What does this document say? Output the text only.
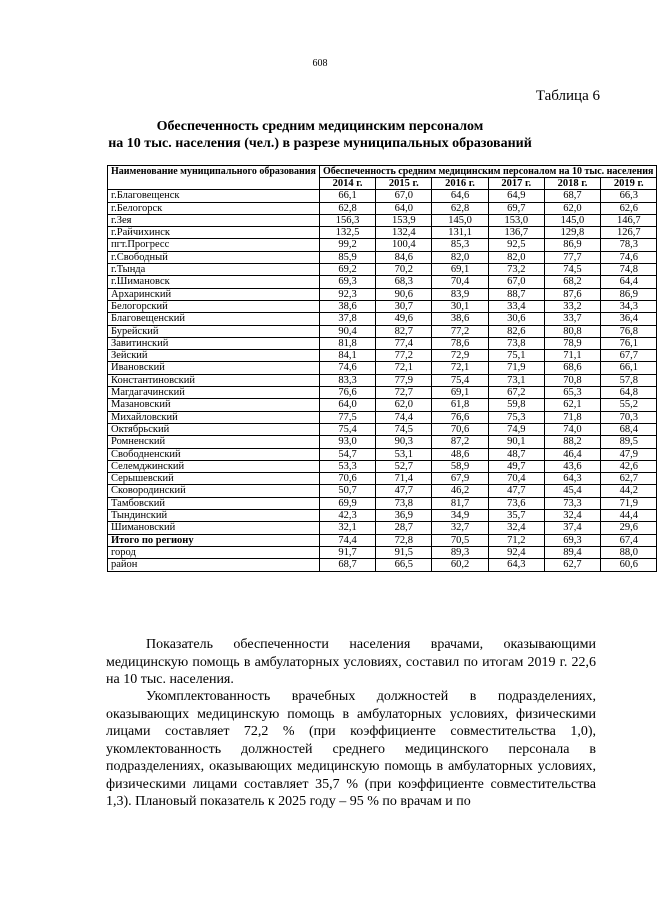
608
Таблица 6
Обеспеченность средним медицинским персоналом
на 10 тыс. населения (чел.) в разрезе муниципальных образований
Наименование муниципального образования	Обеспеченность средним медицинским персоналом на 10 тыс. населения					
	2014 г.	2015 г.	2016 г.	2017 г.	2018 г.	2019 г.
г.Благовещенск	66,1	67,0	64,6	64,9	68,7	66,3
г.Белогорск	62,8	64,0	62,8	69,7	62,0	62,6
г.Зея	156,3	153,9	145,0	153,0	145,0	146,7
г.Райчихинск	132,5	132,4	131,1	136,7	129,8	126,7
пгт.Прогресс	99,2	100,4	85,3	92,5	86,9	78,3
г.Свободный	85,9	84,6	82,0	82,0	77,7	74,6
г.Тында	69,2	70,2	69,1	73,2	74,5	74,8
г.Шимановск	69,3	68,3	70,4	67,0	68,2	64,4
Архаринский	92,3	90,6	83,9	88,7	87,6	86,9
Белогорский	38,6	30,7	30,1	33,4	33,2	34,3
Благовещенский	37,8	49,6	38,6	30,6	33,7	36,4
Бурейский	90,4	82,7	77,2	82,6	80,8	76,8
Завитинский	81,8	77,4	78,6	73,8	78,9	76,1
Зейский	84,1	77,2	72,9	75,1	71,1	67,7
Ивановский	74,6	72,1	72,1	71,9	68,6	66,1
Константиновский	83,3	77,9	75,4	73,1	70,8	57,8
Магдагачинский	76,6	72,7	69,1	67,2	65,3	64,8
Мазановский	64,0	62,0	61,8	59,8	62,1	55,2
Михайловский	77,5	74,4	76,6	75,3	71,8	70,3
Октябрьский	75,4	74,5	70,6	74,9	74,0	68,4
Ромненский	93,0	90,3	87,2	90,1	88,2	89,5
Свободненский	54,7	53,1	48,6	48,7	46,4	47,9
Селемджинский	53,3	52,7	58,9	49,7	43,6	42,6
Серышевский	70,6	71,4	67,9	70,4	64,3	62,7
Сковородинский	50,7	47,7	46,2	47,7	45,4	44,2
Тамбовский	69,9	73,8	81,7	73,6	73,3	71,9
Тындинский	42,3	36,9	34,9	35,7	32,4	44,4
Шимановский	32,1	28,7	32,7	32,4	37,4	29,6
Итого по региону	74,4	72,8	70,5	71,2	69,3	67,4
город	91,7	91,5	89,3	92,4	89,4	88,0
район	68,7	66,5	60,2	64,3	62,7	60,6
Показатель обеспеченности населения врачами, оказывающими медицинскую помощь в амбулаторных условиях, составил по итогам 2019 г. 22,6 на 10 тыс. населения.
Укомплектованность врачебных должностей в подразделениях, оказывающих медицинскую помощь в амбулаторных условиях, физическими лицами составляет 72,2 % (при коэффициенте совместительства 1,0), укомлектованность должностей среднего медицинского персонала в подразделениях, оказывающих медицинскую помощь в амбулаторных условиях, физическими лицами составляет 35,7 % (при коэффициенте совместительства 1,3). Плановый показатель к 2025 году – 95 % по врачам и по
